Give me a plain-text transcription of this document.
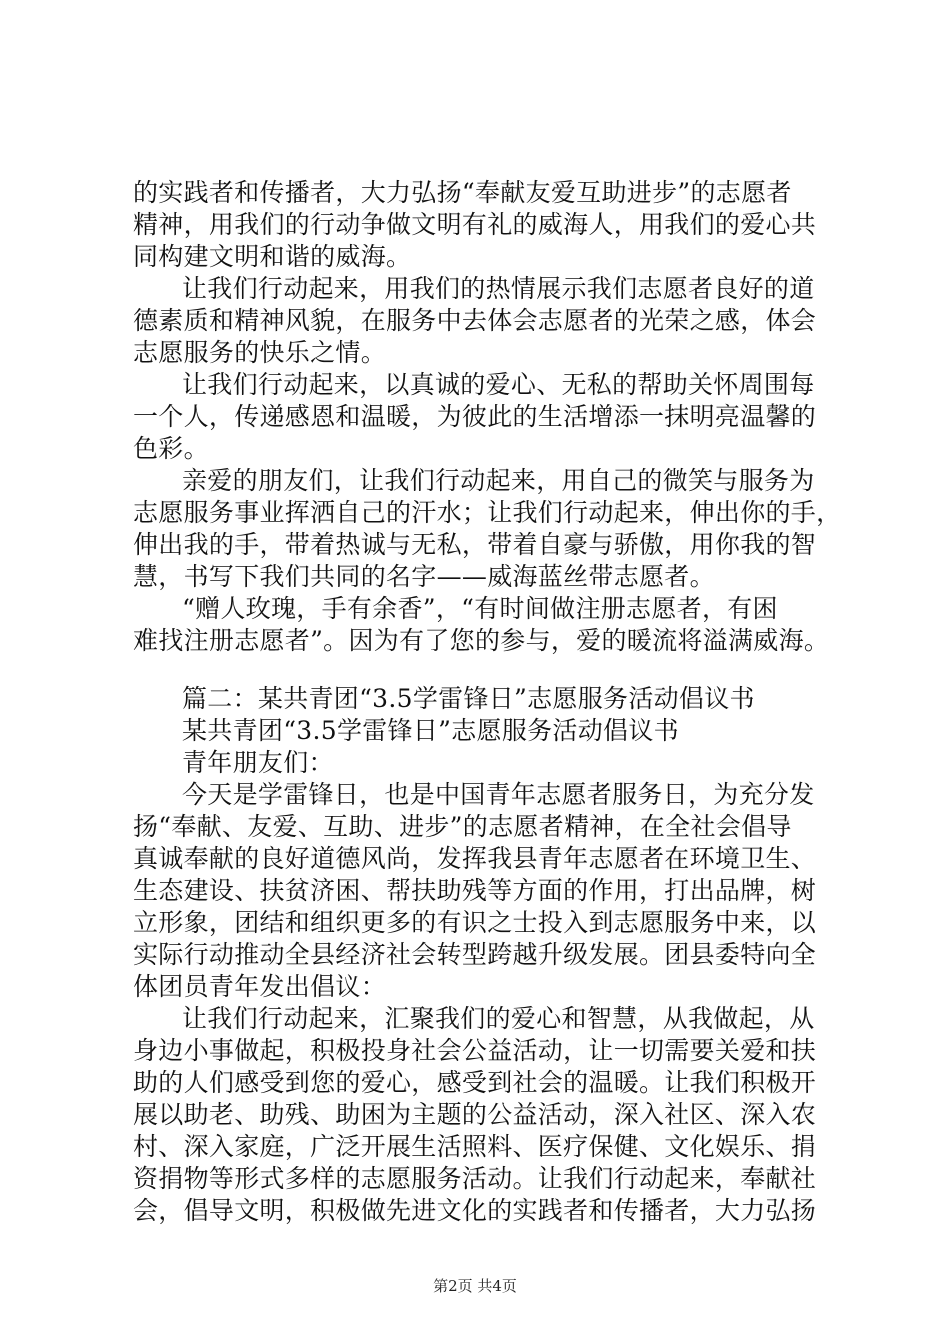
的实践者和传播者，大力弘扬“奉献友爱互助进步”的志愿者
精神，用我们的行动争做文明有礼的威海人，用我们的爱心共
同构建文明和谐的威海。
让我们行动起来，用我们的热情展示我们志愿者良好的道
德素质和精神风貌，在服务中去体会志愿者的光荣之感，体会
志愿服务的快乐之情。
让我们行动起来，以真诚的爱心、无私的帮助关怀周围每
一个人，传递感恩和温暖，为彼此的生活增添一抹明亮温馨的
色彩。
亲爱的朋友们，让我们行动起来，用自己的微笑与服务为
志愿服务事业挥洒自己的汗水；让我们行动起来，伸出你的手，
伸出我的手，带着热诚与无私，带着自豪与骄傲，用你我的智
慧，书写下我们共同的名字——威海蓝丝带志愿者。
“赠人玫瑰，手有余香”，“有时间做注册志愿者，有困
难找注册志愿者”。因为有了您的参与，爱的暖流将溢满威海。
篇二：某共青团“3.5学雷锋日”志愿服务活动倡议书
某共青团“3.5学雷锋日”志愿服务活动倡议书
青年朋友们：
今天是学雷锋日，也是中国青年志愿者服务日，为充分发
扬“奉献、友爱、互助、进步”的志愿者精神，在全社会倡导
真诚奉献的良好道德风尚，发挥我县青年志愿者在环境卫生、
生态建设、扶贫济困、帮扶助残等方面的作用，打出品牌，树
立形象，团结和组织更多的有识之士投入到志愿服务中来，以
实际行动推动全县经济社会转型跨越升级发展。团县委特向全
体团员青年发出倡议：
让我们行动起来，汇聚我们的爱心和智慧，从我做起，从
身边小事做起，积极投身社会公益活动，让一切需要关爱和扶
助的人们感受到您的爱心，感受到社会的温暖。让我们积极开
展以助老、助残、助困为主题的公益活动，深入社区、深入农
村、深入家庭，广泛开展生活照料、医疗保健、文化娱乐、捐
资捐物等形式多样的志愿服务活动。让我们行动起来，奉献社
会，倡导文明，积极做先进文化的实践者和传播者，大力弘扬
第2页 共4页
